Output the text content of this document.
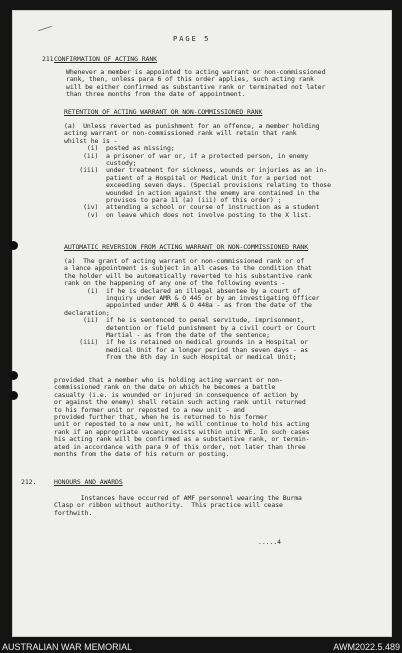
PAGE 5
211 CONFIRMATION OF ACTING RANK
Whenever a member is appointed to acting warrant or non-commissioned
rank, then, unless para 6 of this order applies, such acting rank
will be either confirmed as substantive rank or terminated not later
than three months from the date of appointment.
RETENTION OF ACTING WARRANT OR NON-COMMISSIONED RANK
(a)  Unless reverted as punishment for an offence, a member holding
acting warrant or non-commissioned rank will retain that rank
whilst he is -
(i)  posted as missing;
(ii)  a prisoner of war or, if a protected person, in enemy
custody;
(iii)  under treatment for sickness, wounds or injuries as an in-
patient of a Hospital or Medical Unit for a period not
exceeding seven days. (Special provisions relating to those
wounded in action against the enemy are contained in the
provisos to para 11 (a) (iii) of this order) ;
(iv)  attending a school or course of instruction as a student
(v)  on leave which does not involve posting to the X list.
AUTOMATIC REVERSION FROM ACTING WARRANT OR NON-COMMISSIONED RANK
(a)  The grant of acting warrant or non-commissioned rank or of
a lance appointment is subject in all cases to the condition that
the holder will be automatically reverted to his substantive rank
rank on the happening of any one of the following events -
(i)  if he is declared an illegal absentee by a court of
inquiry under AMR & O 445 or by an investigating Officer
appointed under AMR & O 448a - as from the date of the
declaration;
(ii)  if he is sentenced to penal servitude, imprisonment,
detention or field punishment by a civil court or Court
Martial - as from the date of the sentence;
(iii)  if he is retained on medical grounds in a Hospital or
medical Unit for a longer period than seven days - as
from the 8th day in such Hospital or medical Unit;
provided that a member who is holding acting warrant or non-
commissioned rank on the date on which he becomes a battle
casualty (i.e. is wounded or injured in consequence of action by
or against the enemy) shall retain such acting rank until returned
to his former unit or reposted to a new unit - and
provided further that, when he is returned to his former
unit or reposted to a new unit, he will continue to hold his acting
rank if an appropriate vacancy exists within unit WE. In such cases
his acting rank will be confirmed as a substantive rank, or termin-
ated in accordance with para 9 of this order, not later than three
months from the date of his return or posting.
212.	HONOURS AND AWARDS
Instances have occurred of AMF personnel wearing the Burma
Clasp or ribbon without authority.  This practice will cease
forthwith.
.....4
AUSTRALIAN WAR MEMORIAL	AWM2022.5.489
